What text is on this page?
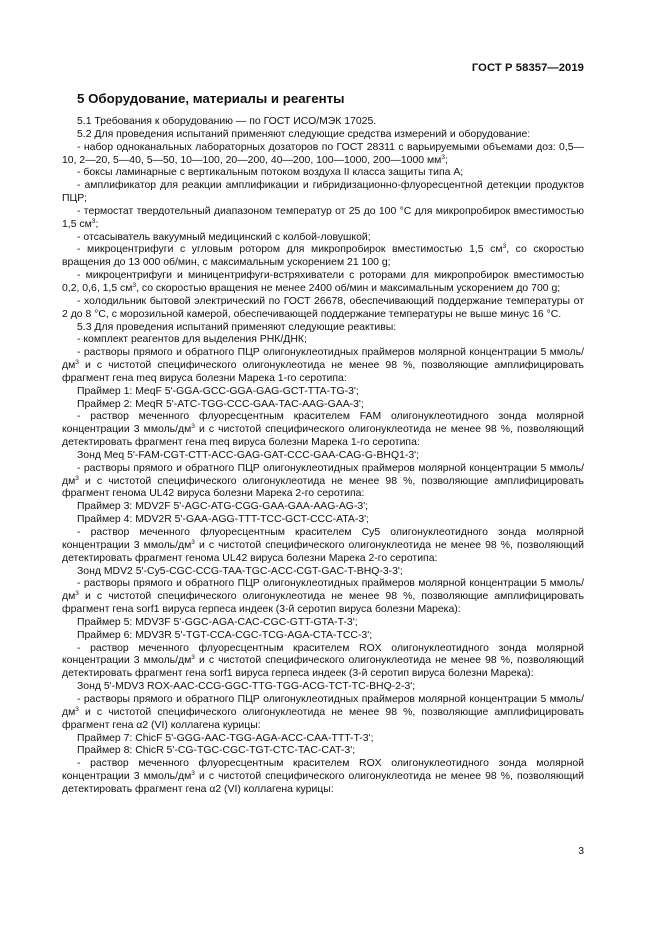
ГОСТ Р 58357—2019
5 Оборудование, материалы и реагенты

5.1 Требования к оборудованию — по ГОСТ ИСО/МЭК 17025.

5.2 Для проведения испытаний применяют следующие средства измерений и оборудование:

- набор одноканальных лабораторных дозаторов по ГОСТ 28311 с варьируемыми объемами доз: 0,5—10, 2—20, 5—40, 5—50, 10—100, 20—200, 40—200, 100—1000, 200—1000 $мм^3$;

- боксы ламинарные с вертикальным потоком воздуха II класса защиты типа А;

- амплификатор для реакции амплификации и гибридизационно-флуоресцентной детекции продуктов ПЦР;

- термостат твердотельный диапазоном температур от 25 до 100 °С для микропробирок вместимостью 1,5 $см^3$;

- отсасыватель вакуумный медицинский с колбой-ловушкой;

- микроцентрифуги с угловым ротором для микропробирок вместимостью 1,5 $см^3$, со скоростью вращения до 13 000 об/мин, с максимальным ускорением 21 100 g;

- микроцентрифуги и миницентрифуги-встряхиватели с роторами для микропробирок вместимостью 0,2, 0,6, 1,5 $см^3$, со скоростью вращения не менее 2400 об/мин и максимальным ускорением до 700 g;

- холодильник бытовой электрический по ГОСТ 26678, обеспечивающий поддержание температуры от 2 до 8 °С, с морозильной камерой, обеспечивающей поддержание температуры не выше минус 16 °С.

5.3 Для проведения испытаний применяют следующие реактивы:

- комплект реагентов для выделения РНК/ДНК;

- растворы прямого и обратного ПЦР олигонуклеотидных праймеров молярной концентрации 5 ммоль/$дм^3$ и с чистотой специфического олигонуклеотида не менее 98 %, позволяющие амплифицировать фрагмент гена meq вируса болезни Марека 1-го серотипа:

Праймер 1: MeqF 5'-GGA-GCC-GGA-GAG-GCT-TTA-TG-3';

Праймер 2: MeqR 5'-ATC-TGG-CCC-GAA-TAC-AAG-GAA-3';

- раствор меченного флуоресцентным красителем FAM олигонуклеотидного зонда молярной концентрации 3 ммоль/$дм^3$ и с чистотой специфического олигонуклеотида не менее 98 %, позволяющий детектировать фрагмент гена meq вируса болезни Марека 1-го серотипа:

Зонд Meq 5'-FAM-CGT-CTT-ACC-GAG-GAT-CCC-GAA-CAG-G-BHQ1-3';

- растворы прямого и обратного ПЦР олигонуклеотидных праймеров молярной концентрации 5 ммоль/$дм^3$ и с чистотой специфического олигонуклеотида не менее 98 %, позволяющие амплифицировать фрагмент генома UL42 вируса болезни Марека 2-го серотипа:

Праймер 3: MDV2F 5'-AGC-ATG-CGG-GAA-GAA-AAG-AG-3';

Праймер 4: MDV2R 5'-GAA-AGG-TTT-TCC-GCT-CCC-ATA-3';

- раствор меченного флуоресцентным красителем Cy5 олигонуклеотидного зонда молярной концентрации 3 ммоль/$дм^3$ и с чистотой специфического олигонуклеотида не менее 98 %, позволяющий детектировать фрагмент генома UL42 вируса болезни Марека 2-го серотипа:

Зонд MDV2 5'-Cy5-CGC-CCG-TAA-TGC-ACC-CGT-GAC-T-BHQ-3-3';

- растворы прямого и обратного ПЦР олигонуклеотидных праймеров молярной концентрации 5 ммоль/$дм^3$ и с чистотой специфического олигонуклеотида не менее 98 %, позволяющие амплифицировать фрагмент гена sorf1 вируса герпеса индеек (3-й серотип вируса болезни Марека):

Праймер 5: MDV3F 5'-GGC-AGA-CAC-CGC-GTT-GTA-T-3';

Праймер 6: MDV3R 5'-TGT-CCA-CGC-TCG-AGA-CTA-TCC-3';

- раствор меченного флуоресцентным красителем ROX олигонуклеотидного зонда молярной концентрации 3 ммоль/$дм^3$ и с чистотой специфического олигонуклеотида не менее 98 %, позволяющий детектировать фрагмент гена sorf1 вируса герпеса индеек (3-й серотип вируса болезни Марека):

Зонд 5'-MDV3 ROX-AAC-CCG-GGC-TTG-TGG-ACG-TCT-TC-BHQ-2-3';

- растворы прямого и обратного ПЦР олигонуклеотидных праймеров молярной концентрации 5 ммоль/$дм^3$ и с чистотой специфического олигонуклеотида не менее 98 %, позволяющие амплифицировать фрагмент гена α2 (VI) коллагена курицы:

Праймер 7: ChicF 5'-GGG-AAC-TGG-AGA-ACC-CAA-TTT-T-3';

Праймер 8: ChicR 5'-CG-TGC-CGC-TGT-CTC-TAC-CAT-3';

- раствор меченного флуоресцентным красителем ROX олигонуклеотидного зонда молярной концентрации 3 ммоль/$дм^3$ и с чистотой специфического олигонуклеотида не менее 98 %, позволяющий детектировать фрагмент гена α2 (VI) коллагена курицы:

3
